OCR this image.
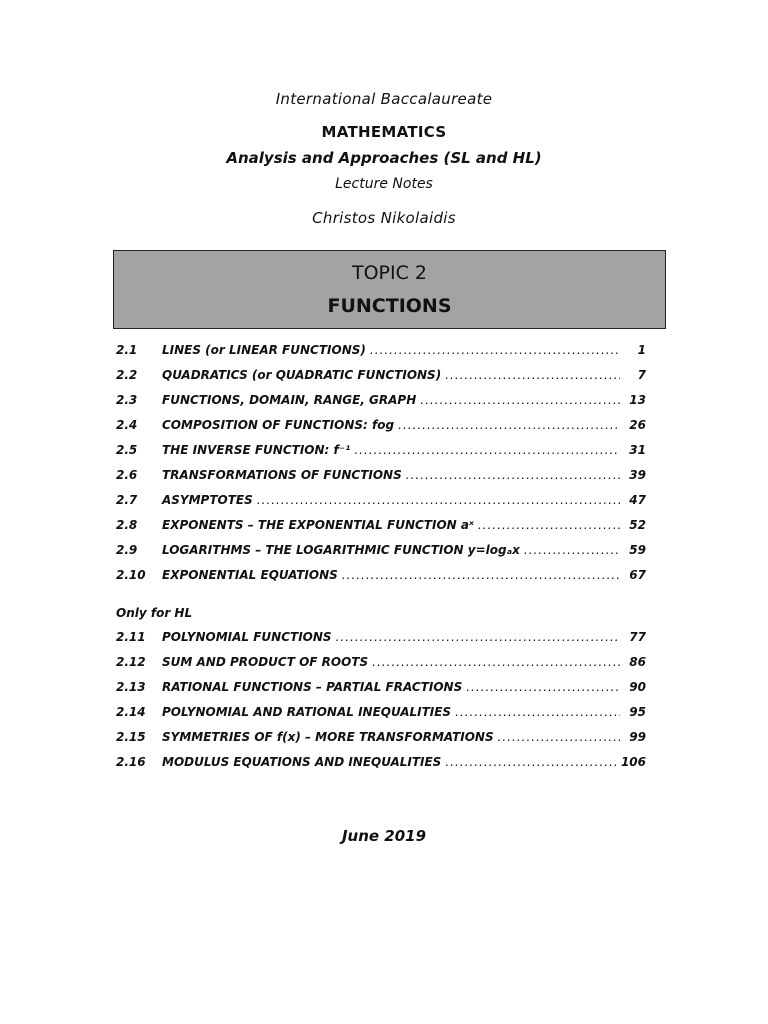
International Baccalaureate
MATHEMATICS
Analysis and Approaches (SL and HL)
Lecture Notes
Christos Nikolaidis
TOPIC 2
FUNCTIONS
2.1	LINES (or LINEAR FUNCTIONS) .....	1
2.2	QUADRATICS (or QUADRATIC FUNCTIONS) .....	7
2.3	FUNCTIONS, DOMAIN, RANGE, GRAPH .....	13
2.4	COMPOSITION OF FUNCTIONS: fog .....	26
2.5	THE INVERSE FUNCTION: f⁻¹ .....	31
2.6	TRANSFORMATIONS OF FUNCTIONS .....	39
2.7	ASYMPTOTES .....	47
2.8	EXPONENTS – THE EXPONENTIAL FUNCTION aˣ .....	52
2.9	LOGARITHMS – THE LOGARITHMIC FUNCTION y=logₐx .....	59
2.10	EXPONENTIAL EQUATIONS .....	67
Only for HL
2.11	POLYNOMIAL FUNCTIONS .....	77
2.12	SUM AND PRODUCT OF ROOTS .....	86
2.13	RATIONAL FUNCTIONS – PARTIAL FRACTIONS .....	90
2.14	POLYNOMIAL AND RATIONAL INEQUALITIES .....	95
2.15	SYMMETRIES OF f(x) – MORE TRANSFORMATIONS .....	99
2.16	MODULUS EQUATIONS AND INEQUALITIES .....	106
June 2019
